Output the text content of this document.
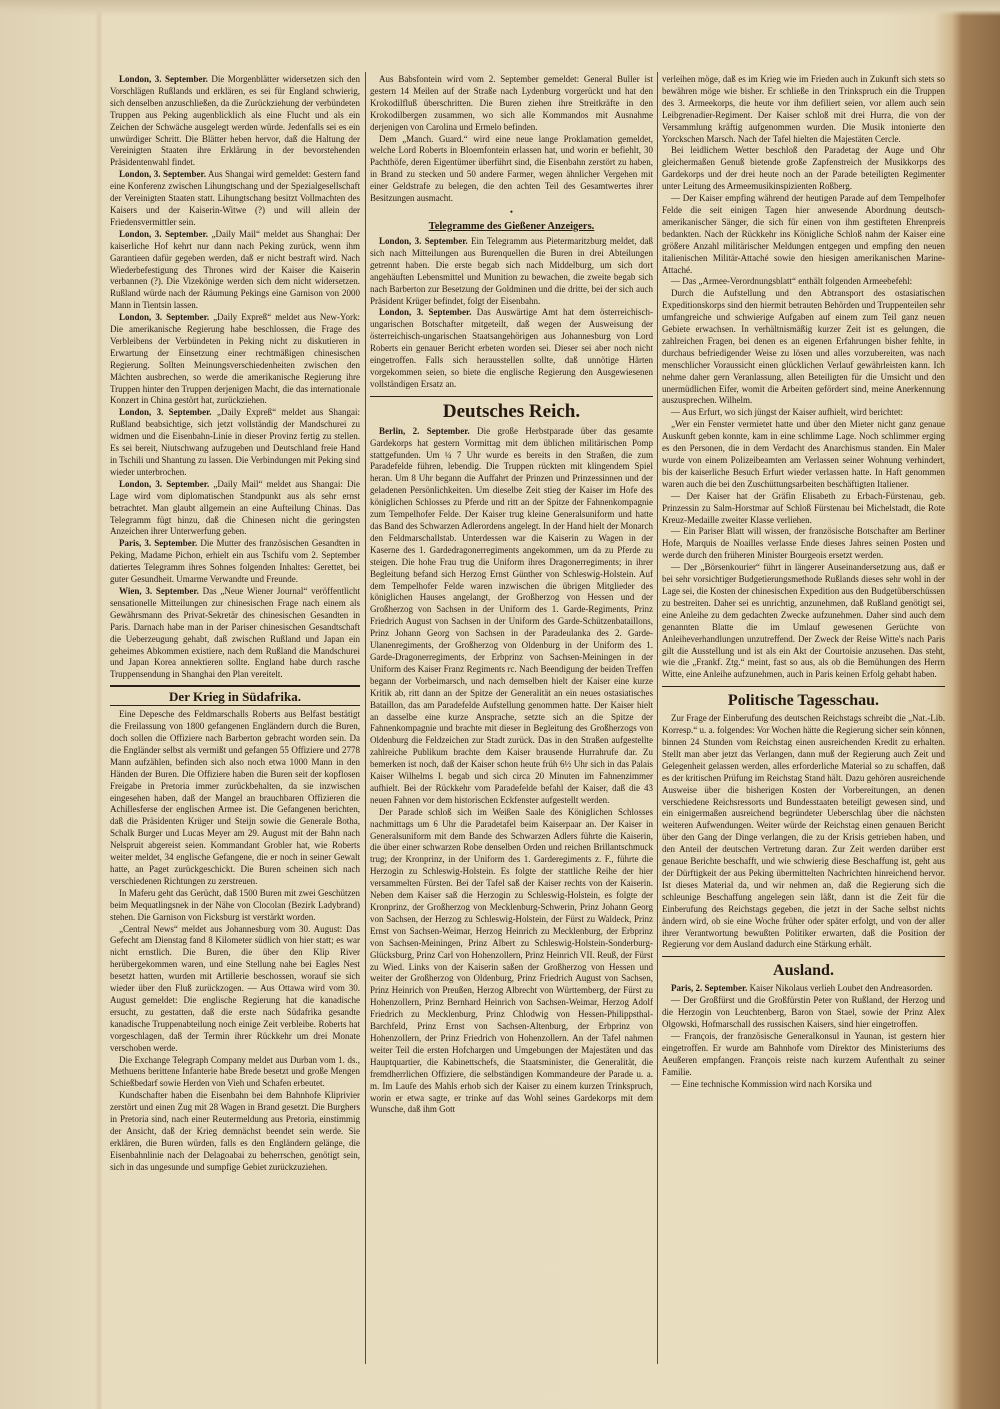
London, 3. September. Die Morgenblätter widersetzen sich den Vorschlägen Rußlands und erklären, es sei für England schwierig, sich denselben anzuschließen, da die Zurückziehung der verbündeten Truppen aus Peking augenblicklich als eine Flucht und als ein Zeichen der Schwäche ausgelegt werden würde. Jedenfalls sei es ein unwürdiger Schritt. Die Blätter heben hervor, daß die Haltung der Vereinigten Staaten ihre Erklärung in der bevorstehenden Präsidentenwahl findet.

London, 3. September. Aus Shangai wird gemeldet: Gestern fand eine Konferenz zwischen Lihungtschang und der Spezialgesellschaft der Vereinigten Staaten statt. Lihungtschang besitzt Vollmachten des Kaisers und der Kaiserin-Witwe (?) und will allein der Friedensvermittler sein.

London, 3. September. „Daily Mail“ meldet aus Shanghai: Der kaiserliche Hof kehrt nur dann nach Peking zurück, wenn ihm Garantieen dafür gegeben werden, daß er nicht bestraft wird. Nach Wiederbefestigung des Thrones wird der Kaiser die Kaiserin verbannen (?). Die Vizekönige werden sich dem nicht widersetzen. Rußland würde nach der Räumung Pekings eine Garnison von 2000 Mann in Tientsin lassen.

London, 3. September. „Daily Expreß“ meldet aus New-York: Die amerikanische Regierung habe beschlossen, die Frage des Verbleibens der Verbündeten in Peking nicht zu diskutieren in Erwartung der Einsetzung einer rechtmäßigen chinesischen Regierung. Sollten Meinungsverschiedenheiten zwischen den Mächten ausbrechen, so werde die amerikanische Regierung ihre Truppen hinter den Truppen derjenigen Macht, die das internationale Konzert in China gestört hat, zurückziehen.

London, 3. September. „Daily Expreß“ meldet aus Shangai: Rußland beabsichtige, sich jetzt vollständig der Mandschurei zu widmen und die Eisenbahn-Linie in dieser Provinz fertig zu stellen. Es sei bereit, Niutschwang aufzugeben und Deutschland freie Hand in Tschili und Shantung zu lassen. Die Verbindungen mit Peking sind wieder unterbrochen.

London, 3. September. „Daily Mail“ meldet aus Shangai: Die Lage wird vom diplomatischen Standpunkt aus als sehr ernst betrachtet. Man glaubt allgemein an eine Aufteilung Chinas. Das Telegramm fügt hinzu, daß die Chinesen nicht die geringsten Anzeichen ihrer Unterwerfung geben.

Paris, 3. September. Die Mutter des französischen Gesandten in Peking, Madame Pichon, erhielt ein aus Tschifu vom 2. September datiertes Telegramm ihres Sohnes folgenden Inhaltes: Gerettet, bei guter Gesundheit. Umarme Verwandte und Freunde.

Wien, 3. September. Das „Neue Wiener Journal“ veröffentlicht sensationelle Mitteilungen zur chinesischen Frage nach einem als Gewährsmann des Privat-Sekretär des chinesischen Gesandten in Paris. Darnach habe man in der Pariser chinesischen Gesandtschaft die Ueberzeugung gehabt, daß zwischen Rußland und Japan ein geheimes Abkommen existiere, nach dem Rußland die Mandschurei und Japan Korea annektieren sollte. England habe durch rasche Truppensendung in Shanghai den Plan vereitelt.

Der Krieg in Südafrika.

Eine Depesche des Feldmarschalls Roberts aus Belfast bestätigt die Freilassung von 1800 gefangenen Engländern durch die Buren, doch sollen die Offiziere nach Barberton gebracht worden sein. Da die Engländer selbst als vermißt und gefangen 55 Offiziere und 2778 Mann aufzählen, befinden sich also noch etwa 1000 Mann in den Händen der Buren. Die Offiziere haben die Buren seit der kopflosen Freigabe in Pretoria immer zurückbehalten, da sie inzwischen eingesehen haben, daß der Mangel an brauchbaren Offizieren die Achillesferse der englischen Armee ist. Die Gefangenen berichten, daß die Präsidenten Krüger und Steijn sowie die Generale Botha, Schalk Burger und Lucas Meyer am 29. August mit der Bahn nach Nelspruit abgereist seien. Kommandant Grobler hat, wie Roberts weiter meldet, 34 englische Gefangene, die er noch in seiner Gewalt hatte, an Paget zurückgeschickt. Die Buren scheinen sich nach verschiedenen Richtungen zu zerstreuen.

In Maferu geht das Gerücht, daß 1500 Buren mit zwei Geschützen beim Mequatlingsnek in der Nähe von Clocolan (Bezirk Ladybrand) stehen. Die Garnison von Ficksburg ist verstärkt worden.

„Central News“ meldet aus Johannesburg vom 30. August: Das Gefecht am Dienstag fand 8 Kilometer südlich von hier statt; es war nicht ernstlich. Die Buren, die über den Klip River herübergekommen waren, und eine Stellung nahe bei Eagles Nest besetzt hatten, wurden mit Artillerie beschossen, worauf sie sich wieder über den Fluß zurückzogen. — Aus Ottawa wird vom 30. August gemeldet: Die englische Regierung hat die kanadische ersucht, zu gestatten, daß die erste nach Südafrika gesandte kanadische Truppenabteilung noch einige Zeit verbleibe. Roberts hat vorgeschlagen, daß der Termin ihrer Rückkehr um drei Monate verschoben werde.

Die Exchange Telegraph Company meldet aus Durban vom 1. ds., Methuens berittene Infanterie habe Brede besetzt und große Mengen Schießbedarf sowie Herden von Vieh und Schafen erbeutet.

Kundschafter haben die Eisenbahn bei dem Bahnhofe Kliprivier zerstört und einen Zug mit 28 Wagen in Brand gesetzt. Die Burghers in Pretoria sind, nach einer Reutermeldung aus Pretoria, einstimmig der Ansicht, daß der Krieg demnächst beendet sein werde. Sie erklären, die Buren würden, falls es den Engländern gelänge, die Eisenbahnlinie nach der Delagoabai zu beherrschen, genötigt sein, sich in das ungesunde und sumpfige Gebiet zurückzuziehen.

Aus Babsfontein wird vom 2. September gemeldet: General Buller ist gestern 14 Meilen auf der Straße nach Lydenburg vorgerückt und hat den Krokodilfluß überschritten. Die Buren ziehen ihre Streitkräfte in den Krokodilbergen zusammen, wo sich alle Kommandos mit Ausnahme derjenigen von Carolina und Ermelo befinden.

Dem „Manch. Guard.“ wird eine neue lange Proklamation gemeldet, welche Lord Roberts in Bloemfontein erlassen hat, und worin er befiehlt, 30 Pachthöfe, deren Eigentümer überführt sind, die Eisenbahn zerstört zu haben, in Brand zu stecken und 50 andere Farmer, wegen ähnlicher Vergehen mit einer Geldstrafe zu belegen, die den achten Teil des Gesamtwertes ihrer Besitzungen ausmacht.

•
Telegramme des Gießener Anzeigers.

London, 3. September. Ein Telegramm aus Pietermaritzburg meldet, daß sich nach Mitteilungen aus Burenquellen die Buren in drei Abteilungen getrennt haben. Die erste begab sich nach Middelburg, um sich dort angehäuften Lebensmittel und Munition zu bewachen, die zweite begab sich nach Barberton zur Besetzung der Goldminen und die dritte, bei der sich auch Präsident Krüger befindet, folgt der Eisenbahn.

London, 3. September. Das Auswärtige Amt hat dem österreichisch-ungarischen Botschafter mitgeteilt, daß wegen der Ausweisung der österreichisch-ungarischen Staatsangehörigen aus Johannesburg von Lord Roberts ein genauer Bericht erbeten worden sei. Dieser sei aber noch nicht eingetroffen. Falls sich herausstellen sollte, daß unnötige Härten vorgekommen seien, so biete die englische Regierung den Ausgewiesenen vollständigen Ersatz an.

Deutsches Reich.

Berlin, 2. September. Die große Herbstparade über das gesamte Gardekorps hat gestern Vormittag mit dem üblichen militärischen Pomp stattgefunden. Um ¼ 7 Uhr wurde es bereits in den Straßen, die zum Paradefelde führen, lebendig. Die Truppen rückten mit klingendem Spiel heran. Um 8 Uhr begann die Auffahrt der Prinzen und Prinzessinnen und der geladenen Persönlichkeiten. Um dieselbe Zeit stieg der Kaiser im Hofe des königlichen Schlosses zu Pferde und ritt an der Spitze der Fahnenkompagnie zum Tempelhofer Felde. Der Kaiser trug kleine Generalsuniform und hatte das Band des Schwarzen Adlerordens angelegt. In der Hand hielt der Monarch den Feldmarschallstab. Unterdessen war die Kaiserin zu Wagen in der Kaserne des 1. Gardedragonerregiments angekommen, um da zu Pferde zu steigen. Die hohe Frau trug die Uniform ihres Dragonerregiments; in ihrer Begleitung befand sich Herzog Ernst Günther von Schleswig-Holstein. Auf dem Tempelhofer Felde waren inzwischen die übrigen Mitglieder des königlichen Hauses angelangt, der Großherzog von Hessen und der Großherzog von Sachsen in der Uniform des 1. Garde-Regiments, Prinz Friedrich August von Sachsen in der Uniform des Garde-Schützenbataillons, Prinz Johann Georg von Sachsen in der Paradeulanka des 2. Garde-Ulanenregiments, der Großherzog von Oldenburg in der Uniform des 1. Garde-Dragonerregiments, der Erbprinz von Sachsen-Meiningen in der Uniform des Kaiser Franz Regiments rc. Nach Beendigung der beiden Treffen begann der Vorbeimarsch, und nach demselben hielt der Kaiser eine kurze Kritik ab, ritt dann an der Spitze der Generalität an ein neues ostasiatisches Bataillon, das am Paradefelde Aufstellung genommen hatte. Der Kaiser hielt an dasselbe eine kurze Ansprache, setzte sich an die Spitze der Fahnenkompagnie und brachte mit dieser in Begleitung des Großherzogs von Oldenburg die Feldzeichen zur Stadt zurück. Das in den Straßen aufgestellte zahlreiche Publikum brachte dem Kaiser brausende Hurrahrufe dar. Zu bemerken ist noch, daß der Kaiser schon heute früh 6½ Uhr sich in das Palais Kaiser Wilhelms I. begab und sich circa 20 Minuten im Fahnenzimmer aufhielt. Bei der Rückkehr vom Paradefelde befahl der Kaiser, daß die 43 neuen Fahnen vor dem historischen Eckfenster aufgestellt werden.

Der Parade schloß sich im Weißen Saale des Königlichen Schlosses nachmittags um 6 Uhr die Paradetafel beim Kaiserpaar an. Der Kaiser in Generalsuniform mit dem Bande des Schwarzen Adlers führte die Kaiserin, die über einer schwarzen Robe denselben Orden und reichen Brillantschmuck trug; der Kronprinz, in der Uniform des 1. Garderegiments z. F., führte die Herzogin zu Schleswig-Holstein. Es folgte der stattliche Reihe der hier versammelten Fürsten. Bei der Tafel saß der Kaiser rechts von der Kaiserin. Neben dem Kaiser saß die Herzogin zu Schleswig-Holstein, es folgte der Kronprinz, der Großherzog von Mecklenburg-Schwerin, Prinz Johann Georg von Sachsen, der Herzog zu Schleswig-Holstein, der Fürst zu Waldeck, Prinz Ernst von Sachsen-Weimar, Herzog Heinrich zu Mecklenburg, der Erbprinz von Sachsen-Meiningen, Prinz Albert zu Schleswig-Holstein-Sonderburg-Glücksburg, Prinz Carl von Hohenzollern, Prinz Heinrich VII. Reuß, der Fürst zu Wied. Links von der Kaiserin saßen der Großherzog von Hessen und weiter der Großherzog von Oldenburg, Prinz Friedrich August von Sachsen, Prinz Heinrich von Preußen, Herzog Albrecht von Württemberg, der Fürst zu Hohenzollern, Prinz Bernhard Heinrich von Sachsen-Weimar, Herzog Adolf Friedrich zu Mecklenburg, Prinz Chlodwig von Hessen-Philippsthal-Barchfeld, Prinz Ernst von Sachsen-Altenburg, der Erbprinz von Hohenzollern, der Prinz Friedrich von Hohenzollern. An der Tafel nahmen weiter Teil die ersten Hofchargen und Umgebungen der Majestäten und das Hauptquartier, die Kabinettschefs, die Staatsminister, die Generalität, die fremdherrlichen Offiziere, die selbständigen Kommandeure der Parade u. a. m. Im Laufe des Mahls erhob sich der Kaiser zu einem kurzen Trinkspruch, worin er etwa sagte, er trinke auf das Wohl seines Gardekorps mit dem Wunsche, daß ihm Gott

verleihen möge, daß es im Krieg wie im Frieden auch in Zukunft sich stets so bewähren möge wie bisher. Er schließe in den Trinkspruch ein die Truppen des 3. Armeekorps, die heute vor ihm defiliert seien, vor allem auch sein Leibgrenadier-Regiment. Der Kaiser schloß mit drei Hurra, die von der Versammlung kräftig aufgenommen wurden. Die Musik intonierte den Yorckschen Marsch. Nach der Tafel hielten die Majestäten Cercle.

Bei leidlichem Wetter beschloß den Paradetag der Auge und Ohr gleichermaßen Genuß bietende große Zapfenstreich der Musikkorps des Gardekorps und der drei heute noch an der Parade beteiligten Regimenter unter Leitung des Armeemusikinspizienten Roßberg.

— Der Kaiser empfing während der heutigen Parade auf dem Tempelhofer Felde die seit einigen Tagen hier anwesende Abordnung deutsch-amerikanischer Sänger, die sich für einen von ihm gestifteten Ehrenpreis bedankten. Nach der Rückkehr ins Königliche Schloß nahm der Kaiser eine größere Anzahl militärischer Meldungen entgegen und empfing den neuen italienischen Militär-Attaché sowie den hiesigen amerikanischen Marine-Attaché.

— Das „Armee-Verordnungsblatt“ enthält folgenden Armeebefehl:

Durch die Aufstellung und den Abtransport des ostasiatischen Expeditionskorps sind den hiermit betrauten Behörden und Truppenteilen sehr umfangreiche und schwierige Aufgaben auf einem zum Teil ganz neuen Gebiete erwachsen. In verhältnismäßig kurzer Zeit ist es gelungen, die zahlreichen Fragen, bei denen es an eigenen Erfahrungen bisher fehlte, in durchaus befriedigender Weise zu lösen und alles vorzubereiten, was nach menschlicher Voraussicht einen glücklichen Verlauf gewährleisten kann. Ich nehme daher gern Veranlassung, allen Beteiligten für die Umsicht und den unermüdlichen Eifer, womit die Arbeiten gefördert sind, meine Anerkennung auszusprechen. Wilhelm.

— Aus Erfurt, wo sich jüngst der Kaiser aufhielt, wird berichtet:

„Wer ein Fenster vermietet hatte und über den Mieter nicht ganz genaue Auskunft geben konnte, kam in eine schlimme Lage. Noch schlimmer erging es den Personen, die in dem Verdacht des Anarchismus standen. Ein Maler wurde von einem Polizeibeamten am Verlassen seiner Wohnung verhindert, bis der kaiserliche Besuch Erfurt wieder verlassen hatte. In Haft genommen waren auch die bei den Zuschüttungsarbeiten beschäftigten Italiener.

— Der Kaiser hat der Gräfin Elisabeth zu Erbach-Fürstenau, geb. Prinzessin zu Salm-Horstmar auf Schloß Fürstenau bei Michelstadt, die Rote Kreuz-Medaille zweiter Klasse verliehen.

— Ein Pariser Blatt will wissen, der französische Botschafter am Berliner Hofe, Marquis de Noailles verlasse Ende dieses Jahres seinen Posten und werde durch den früheren Minister Bourgeois ersetzt werden.

— Der „Börsenkourier“ führt in längerer Auseinandersetzung aus, daß er bei sehr vorsichtiger Budgetierungsmethode Rußlands dieses sehr wohl in der Lage sei, die Kosten der chinesischen Expedition aus den Budgetüberschüssen zu bestreiten. Daher sei es unrichtig, anzunehmen, daß Rußland genötigt sei, eine Anleihe zu dem gedachten Zwecke aufzunehmen. Daher sind auch dem genannten Blatte die im Umlauf gewesenen Gerüchte von Anleiheverhandlungen unzutreffend. Der Zweck der Reise Witte's nach Paris gilt die Ausstellung und ist als ein Akt der Courtoisie anzusehen. Das steht, wie die „Frankf. Ztg.“ meint, fast so aus, als ob die Bemühungen des Herrn Witte, eine Anleihe aufzunehmen, auch in Paris keinen Erfolg gehabt haben.

Politische Tagesschau.

Zur Frage der Einberufung des deutschen Reichstags schreibt die „Nat.-Lib. Korresp.“ u. a. folgendes: Vor Wochen hätte die Regierung sicher sein können, binnen 24 Stunden vom Reichstag einen ausreichenden Kredit zu erhalten. Stellt man aber jetzt das Verlangen, dann muß der Regierung auch Zeit und Gelegenheit gelassen werden, alles erforderliche Material so zu schaffen, daß es der kritischen Prüfung im Reichstag Stand hält. Dazu gehören ausreichende Ausweise über die bisherigen Kosten der Vorbereitungen, an denen verschiedene Reichsressorts und Bundesstaaten beteiligt gewesen sind, und ein einigermaßen ausreichend begründeter Ueberschlag über die nächsten weiteren Aufwendungen. Weiter würde der Reichstag einen genauen Bericht über den Gang der Dinge verlangen, die zu der Krisis getrieben haben, und den Anteil der deutschen Vertretung daran. Zur Zeit werden darüber erst genaue Berichte beschafft, und wie schwierig diese Beschaffung ist, geht aus der Dürftigkeit der aus Peking übermittelten Nachrichten hinreichend hervor. Ist dieses Material da, und wir nehmen an, daß die Regierung sich die schleunige Beschaffung angelegen sein läßt, dann ist die Zeit für die Einberufung des Reichstags gegeben, die jetzt in der Sache selbst nichts ändern wird, ob sie eine Woche früher oder später erfolgt, und von der aller ihrer Verantwortung bewußten Politiker erwarten, daß die Position der Regierung vor dem Ausland dadurch eine Stärkung erhält.

Ausland.

Paris, 2. September. Kaiser Nikolaus verlieh Loubet den Andreasorden.

— Der Großfürst und die Großfürstin Peter von Rußland, der Herzog und die Herzogin von Leuchtenberg, Baron von Stael, sowie der Prinz Alex Olgowski, Hofmarschall des russischen Kaisers, sind hier eingetroffen.

— François, der französische Generalkonsul in Yaunan, ist gestern hier eingetroffen. Er wurde am Bahnhofe vom Direktor des Ministeriums des Aeußeren empfangen. François reiste nach kurzem Aufenthalt zu seiner Familie.

— Eine technische Kommission wird nach Korsika und
